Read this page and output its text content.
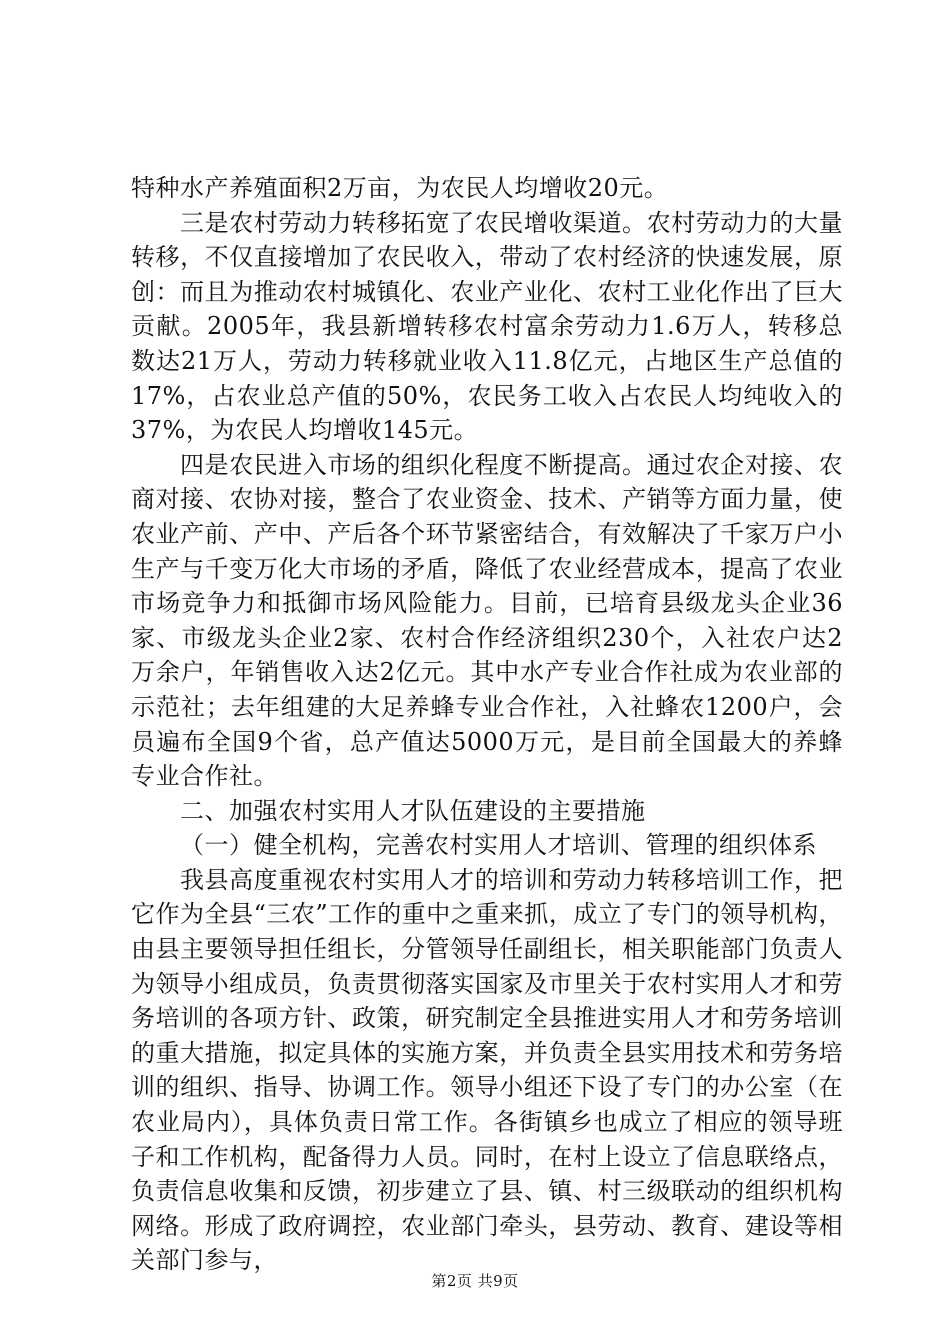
特种水产养殖面积2万亩，为农民人均增收20元。

三是农村劳动力转移拓宽了农民增收渠道。农村劳动力的大量转移，不仅直接增加了农民收入，带动了农村经济的快速发展，原创：而且为推动农村城镇化、农业产业化、农村工业化作出了巨大贡献。2005年，我县新增转移农村富余劳动力1.6万人，转移总数达21万人，劳动力转移就业收入11.8亿元，占地区生产总值的17%，占农业总产值的50%，农民务工收入占农民人均纯收入的37%，为农民人均增收145元。

四是农民进入市场的组织化程度不断提高。通过农企对接、农商对接、农协对接，整合了农业资金、技术、产销等方面力量，使农业产前、产中、产后各个环节紧密结合，有效解决了千家万户小生产与千变万化大市场的矛盾，降低了农业经营成本，提高了农业市场竞争力和抵御市场风险能力。目前，已培育县级龙头企业36家、市级龙头企业2家、农村合作经济组织230个，入社农户达2万余户，年销售收入达2亿元。其中水产专业合作社成为农业部的示范社；去年组建的大足养蜂专业合作社，入社蜂农1200户，会员遍布全国9个省，总产值达5000万元，是目前全国最大的养蜂专业合作社。

二、加强农村实用人才队伍建设的主要措施

（一）健全机构，完善农村实用人才培训、管理的组织体系

我县高度重视农村实用人才的培训和劳动力转移培训工作，把它作为全县“三农”工作的重中之重来抓，成立了专门的领导机构，由县主要领导担任组长，分管领导任副组长，相关职能部门负责人为领导小组成员，负责贯彻落实国家及市里关于农村实用人才和劳务培训的各项方针、政策，研究制定全县推进实用人才和劳务培训的重大措施，拟定具体的实施方案，并负责全县实用技术和劳务培训的组织、指导、协调工作。领导小组还下设了专门的办公室（在农业局内），具体负责日常工作。各街镇乡也成立了相应的领导班子和工作机构，配备得力人员。同时，在村上设立了信息联络点，负责信息收集和反馈，初步建立了县、镇、村三级联动的组织机构网络。形成了政府调控，农业部门牵头，县劳动、教育、建设等相关部门参与，

第2页 共9页
